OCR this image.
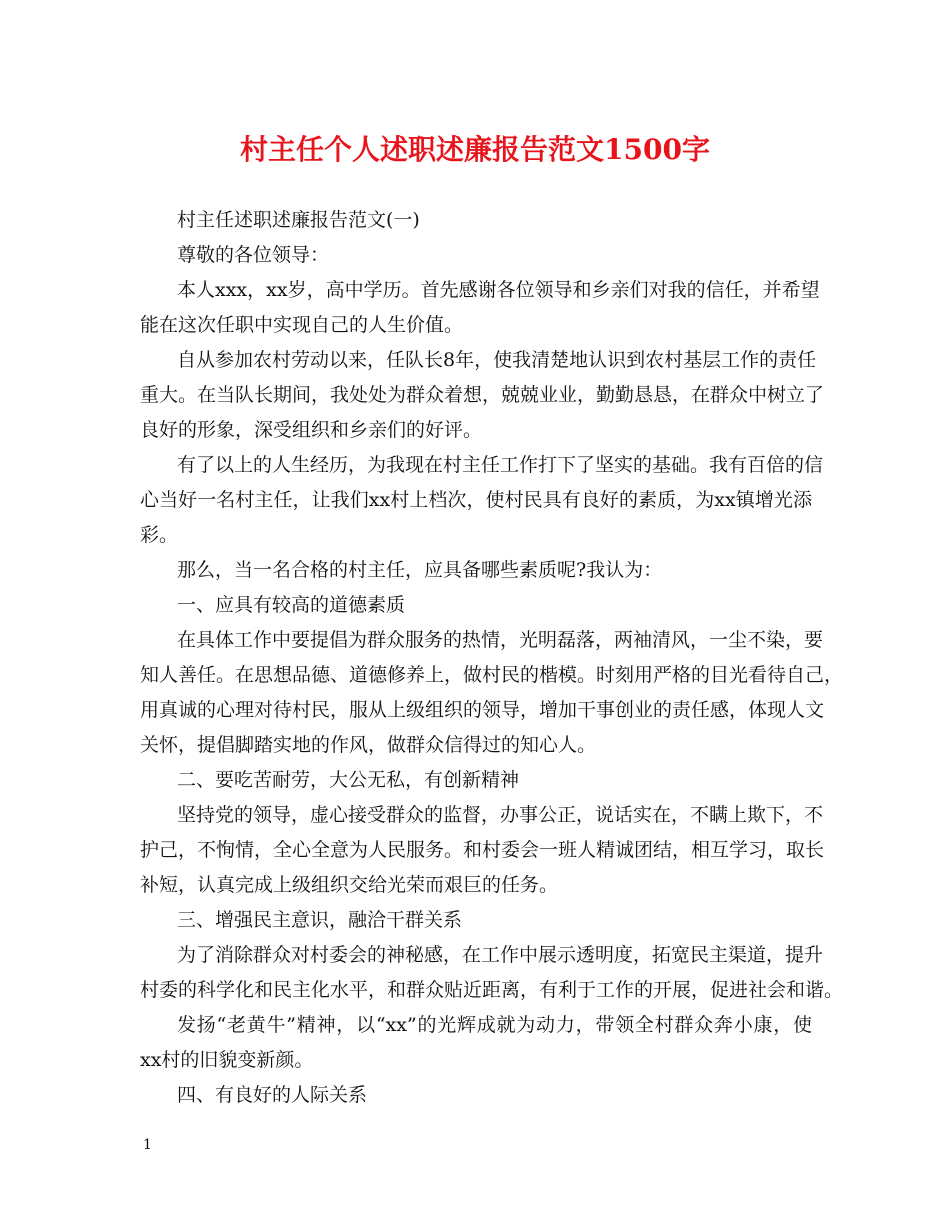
村主任个人述职述廉报告范文1500字
村主任述职述廉报告范文(一)
尊敬的各位领导：
本人xxx，xx岁，高中学历。首先感谢各位领导和乡亲们对我的信任，并希望
能在这次任职中实现自己的人生价值。
自从参加农村劳动以来，任队长8年，使我清楚地认识到农村基层工作的责任
重大。在当队长期间，我处处为群众着想，兢兢业业，勤勤恳恳，在群众中树立了
良好的形象，深受组织和乡亲们的好评。
有了以上的人生经历，为我现在村主任工作打下了坚实的基础。我有百倍的信
心当好一名村主任，让我们xx村上档次，使村民具有良好的素质，为xx镇增光添
彩。
那么，当一名合格的村主任，应具备哪些素质呢?我认为：
一、应具有较高的道德素质
在具体工作中要提倡为群众服务的热情，光明磊落，两袖清风，一尘不染，要
知人善任。在思想品德、道德修养上，做村民的楷模。时刻用严格的目光看待自己，
用真诚的心理对待村民，服从上级组织的领导，增加干事创业的责任感，体现人文
关怀，提倡脚踏实地的作风，做群众信得过的知心人。
二、要吃苦耐劳，大公无私，有创新精神
坚持党的领导，虚心接受群众的监督，办事公正，说话实在，不瞒上欺下，不
护己，不恂情，全心全意为人民服务。和村委会一班人精诚团结，相互学习，取长
补短，认真完成上级组织交给光荣而艰巨的任务。
三、增强民主意识，融洽干群关系
为了消除群众对村委会的神秘感，在工作中展示透明度，拓宽民主渠道，提升
村委的科学化和民主化水平，和群众贴近距离，有利于工作的开展，促进社会和谐。
发扬“老黄牛”精神，以“xx”的光辉成就为动力，带领全村群众奔小康，使
xx村的旧貌变新颜。
四、有良好的人际关系
1
